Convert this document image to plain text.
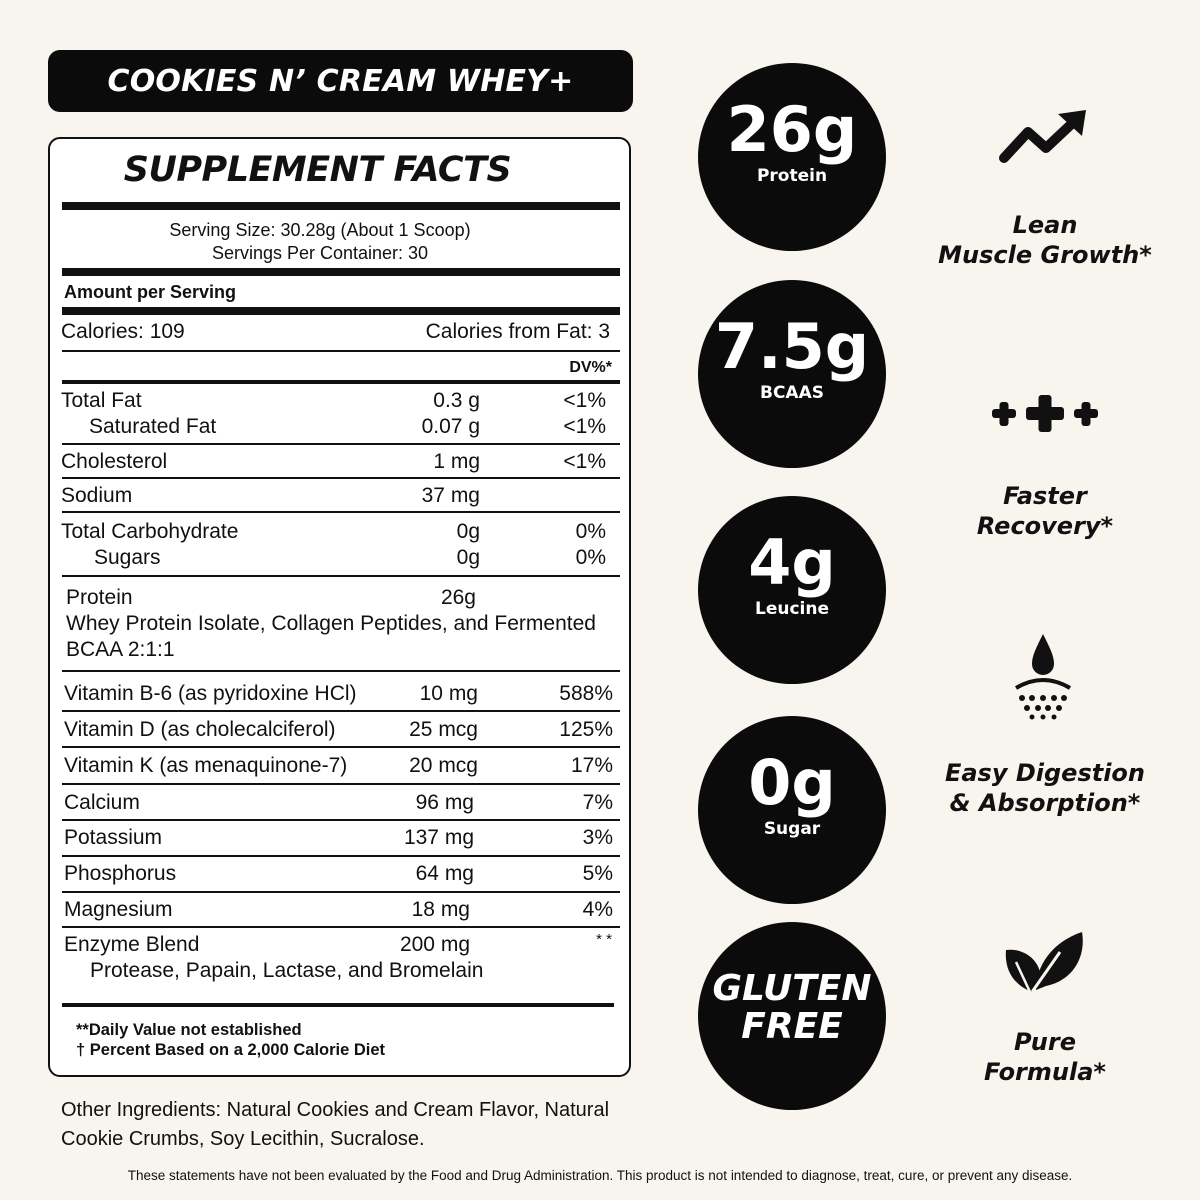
COOKIES N’ CREAM WHEY+
SUPPLEMENT FACTS
Serving Size: 30.28g (About 1 Scoop)
Servings Per Container: 30
Amount per Serving
Calories: 109	Calories from Fat: 3
DV%*
Total Fat	0.3 g	<1%
Saturated Fat	0.07 g	<1%
Cholesterol	1 mg	<1%
Sodium	37 mg
Total Carbohydrate	0g	0%
Sugars	0g	0%
Protein	26g
Whey Protein Isolate, Collagen Peptides, and Fermented
BCAA 2:1:1
Vitamin B-6 (as pyridoxine HCl)	10 mg	588%
Vitamin D (as cholecalciferol)	25 mcg	125%
Vitamin K (as menaquinone-7)	20 mcg	17%
Calcium	96 mg	7%
Potassium	137 mg	3%
Phosphorus	64 mg	5%
Magnesium	18 mg	4%
Enzyme Blend	200 mg	* *
Protease, Papain, Lactase, and Bromelain
**Daily Value not established
† Percent Based on a 2,000 Calorie Diet
Other Ingredients: Natural Cookies and Cream Flavor, Natural
Cookie Crumbs, Soy Lecithin, Sucralose.
These statements have not been evaluated by the Food and Drug Administration. This product is not intended to diagnose, treat, cure, or prevent any disease.
26g
Protein
7.5g
BCAAS
4g
Leucine
0g
Sugar
GLUTEN
FREE
Lean
Muscle Growth*
Faster
Recovery*
Easy Digestion
& Absorption*
Pure
Formula*
